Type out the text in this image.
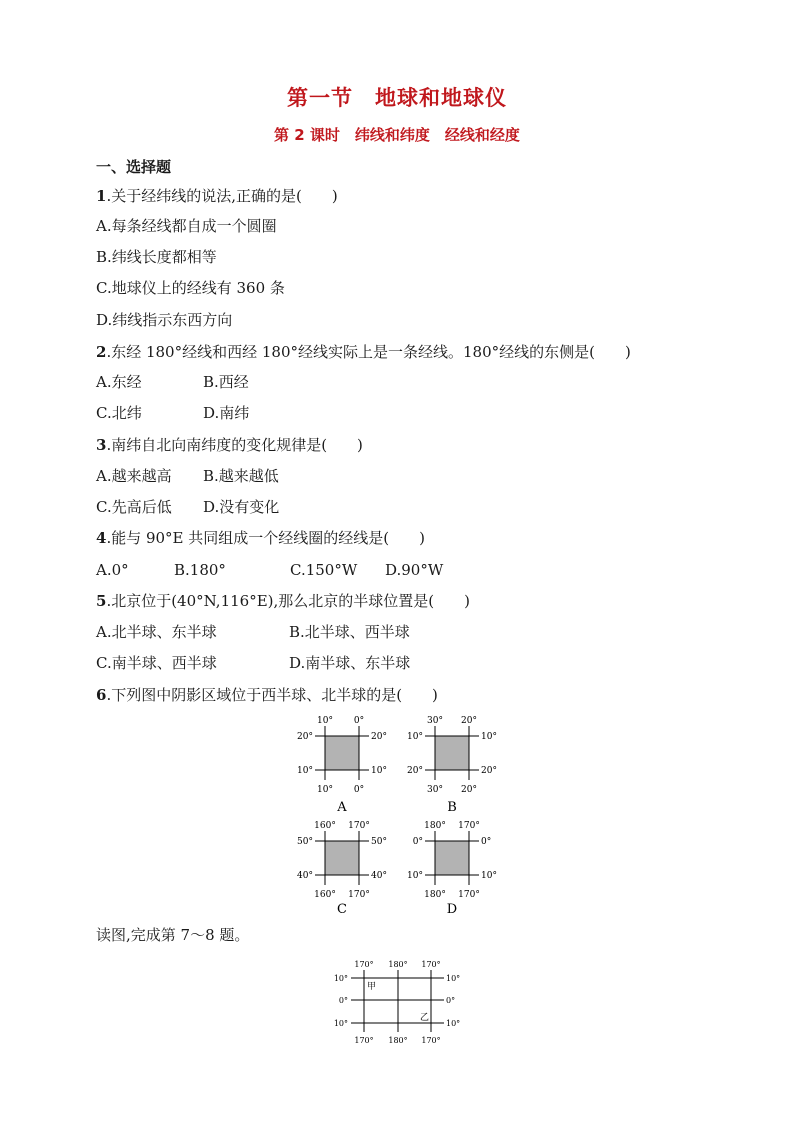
第一节　地球和地球仪
第 2 课时　纬线和纬度　经线和经度
一、选择题
1.关于经纬线的说法,正确的是(　　)
A.每条经线都自成一个圆圈
B.纬线长度都相等
C.地球仪上的经线有 360 条
D.纬线指示东西方向
2.东经 180°经线和西经 180°经线实际上是一条经线。180°经线的东侧是(　　)
A.东经	B.西经
C.北纬	D.南纬
3.南纬自北向南纬度的变化规律是(　　)
A.越来越高 B.越来越低
C.先高后低 D.没有变化
4.能与 90°E 共同组成一个经线圈的经线是(　　)
A.0°	B.180°	C.150°W D.90°W
5.北京位于(40°N,116°E),那么北京的半球位置是(　　)
A.北半球、东半球	B.北半球、西半球
C.南半球、西半球	D.南半球、东半球
6.下列图中阴影区域位于西半球、北半球的是(　　)
10° 0°
20°
10°
20°
10°
10° 0°
A
30° 20°
10°
20°
10°
20°
30° 20°
B
160° 170°
50°
40°
50°
40°
160° 170°
C
180° 170°
0°
10°
0°
10°
180° 170°
D
170° 180° 170°
170° 180° 170°
10°
0°
10°
10°
0°
10°
甲
乙
读图,完成第 7～8 题。
